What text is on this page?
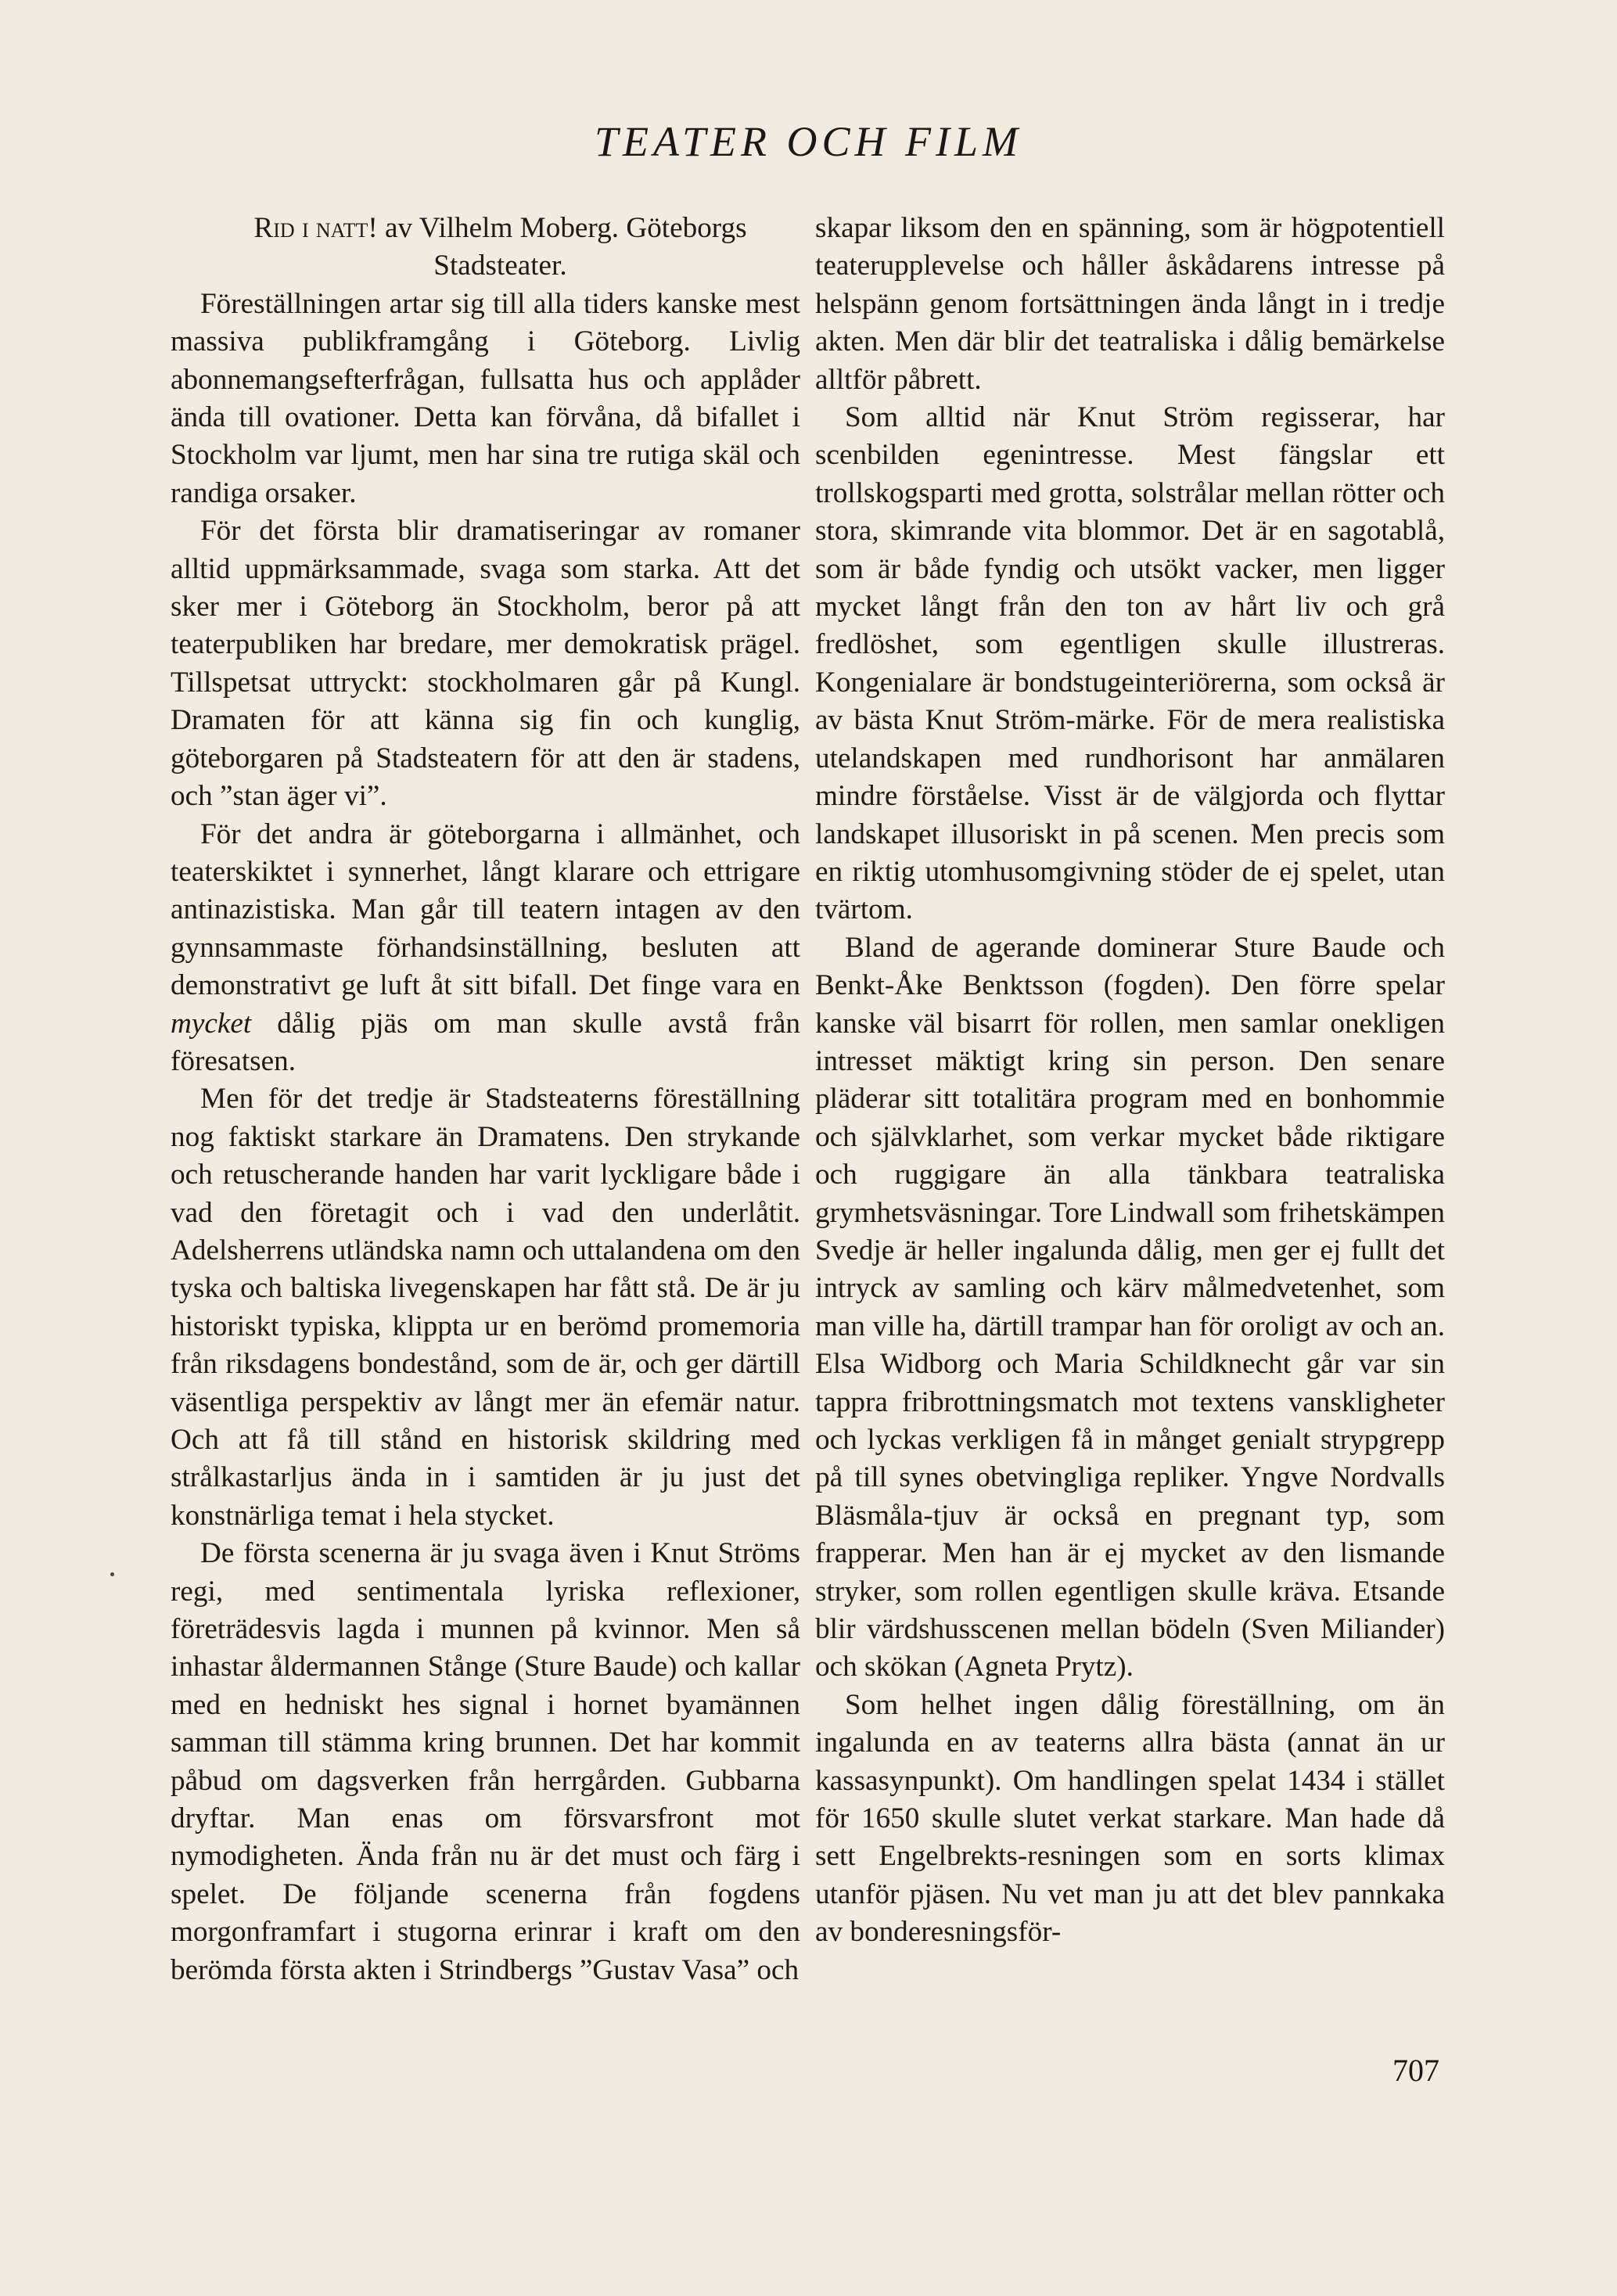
TEATER OCH FILM

Rid i natt! av Vilhelm Moberg. Göteborgs

Stadsteater.

Föreställningen artar sig till alla tiders kanske mest massiva publikframgång i Göteborg. Livlig abonnemangsefterfrågan, fullsatta hus och applåder ända till ovationer. Detta kan förvåna, då bifallet i Stockholm var ljumt, men har sina tre rutiga skäl och randiga orsaker.

För det första blir dramatiseringar av romaner alltid uppmärksammade, svaga som starka. Att det sker mer i Göteborg än Stockholm, beror på att teaterpubliken har bredare, mer demokratisk prägel. Tillspetsat uttryckt: stockholmaren går på Kungl. Dramaten för att känna sig fin och kunglig, göteborgaren på Stadsteatern för att den är stadens, och ”stan äger vi”.

För det andra är göteborgarna i allmänhet, och teaterskiktet i synnerhet, långt klarare och ettrigare antinazistiska. Man går till teatern intagen av den gynnsammaste förhandsinställning, besluten att demonstrativt ge luft åt sitt bifall. Det finge vara en mycket dålig pjäs om man skulle avstå från föresatsen.

Men för det tredje är Stadsteaterns föreställning nog faktiskt starkare än Dramatens. Den strykande och retuscherande handen har varit lyckligare både i vad den företagit och i vad den underlåtit. Adelsherrens utländska namn och uttalandena om den tyska och baltiska livegenskapen har fått stå. De är ju historiskt typiska, klippta ur en berömd promemoria från riksdagens bondestånd, som de är, och ger därtill väsentliga perspektiv av långt mer än efemär natur. Och att få till stånd en historisk skildring med strålkastarljus ända in i samtiden är ju just det konstnärliga temat i hela stycket.

De första scenerna är ju svaga även i Knut Ströms regi, med sentimentala lyriska reflexioner, företrädesvis lagda i munnen på kvinnor. Men så inhastar åldermannen Stånge (Sture Baude) och kallar med en hedniskt hes signal i hornet byamännen samman till stämma kring brunnen. Det har kommit påbud om dagsverken från herrgården. Gubbarna dryftar. Man enas om försvarsfront mot nymodigheten. Ända från nu är det must och färg i spelet. De följande scenerna från fogdens morgonframfart i stugorna erinrar i kraft om den berömda första akten i Strindbergs ”Gustav Vasa” och

skapar liksom den en spänning, som är högpotentiell teaterupplevelse och håller åskådarens intresse på helspänn genom fortsättningen ända långt in i tredje akten. Men där blir det teatraliska i dålig bemärkelse alltför påbrett.

Som alltid när Knut Ström regisserar, har scenbilden egenintresse. Mest fängslar ett trollskogsparti med grotta, solstrålar mellan rötter och stora, skimrande vita blommor. Det är en sagotablå, som är både fyndig och utsökt vacker, men ligger mycket långt från den ton av hårt liv och grå fredlöshet, som egentligen skulle illustreras. Kongenialare är bondstugeinteriörerna, som också är av bästa Knut Ström-märke. För de mera realistiska utelandskapen med rundhorisont har anmälaren mindre förståelse. Visst är de välgjorda och flyttar landskapet illusoriskt in på scenen. Men precis som en riktig utomhusomgivning stöder de ej spelet, utan tvärtom.

Bland de agerande dominerar Sture Baude och Benkt-Åke Benktsson (fogden). Den förre spelar kanske väl bisarrt för rollen, men samlar onekligen intresset mäktigt kring sin person. Den senare pläderar sitt totalitära program med en bonhommie och självklarhet, som verkar mycket både riktigare och ruggigare än alla tänkbara teatraliska grymhetsväsningar. Tore Lindwall som frihetskämpen Svedje är heller ingalunda dålig, men ger ej fullt det intryck av samling och kärv målmedvetenhet, som man ville ha, därtill trampar han för oroligt av och an. Elsa Widborg och Maria Schildknecht går var sin tappra fribrottningsmatch mot textens vanskligheter och lyckas verkligen få in månget genialt strypgrepp på till synes obetvingliga repliker. Yngve Nordvalls Bläsmåla-tjuv är också en pregnant typ, som frapperar. Men han är ej mycket av den lismande stryker, som rollen egentligen skulle kräva. Etsande blir värdshusscenen mellan bödeln (Sven Miliander) och skökan (Agneta Prytz).

Som helhet ingen dålig föreställning, om än ingalunda en av teaterns allra bästa (annat än ur kassasynpunkt). Om handlingen spelat 1434 i stället för 1650 skulle slutet verkat starkare. Man hade då sett Engelbrekts-resningen som en sorts klimax utanför pjäsen. Nu vet man ju att det blev pannkaka av bonderesningsför-

707
